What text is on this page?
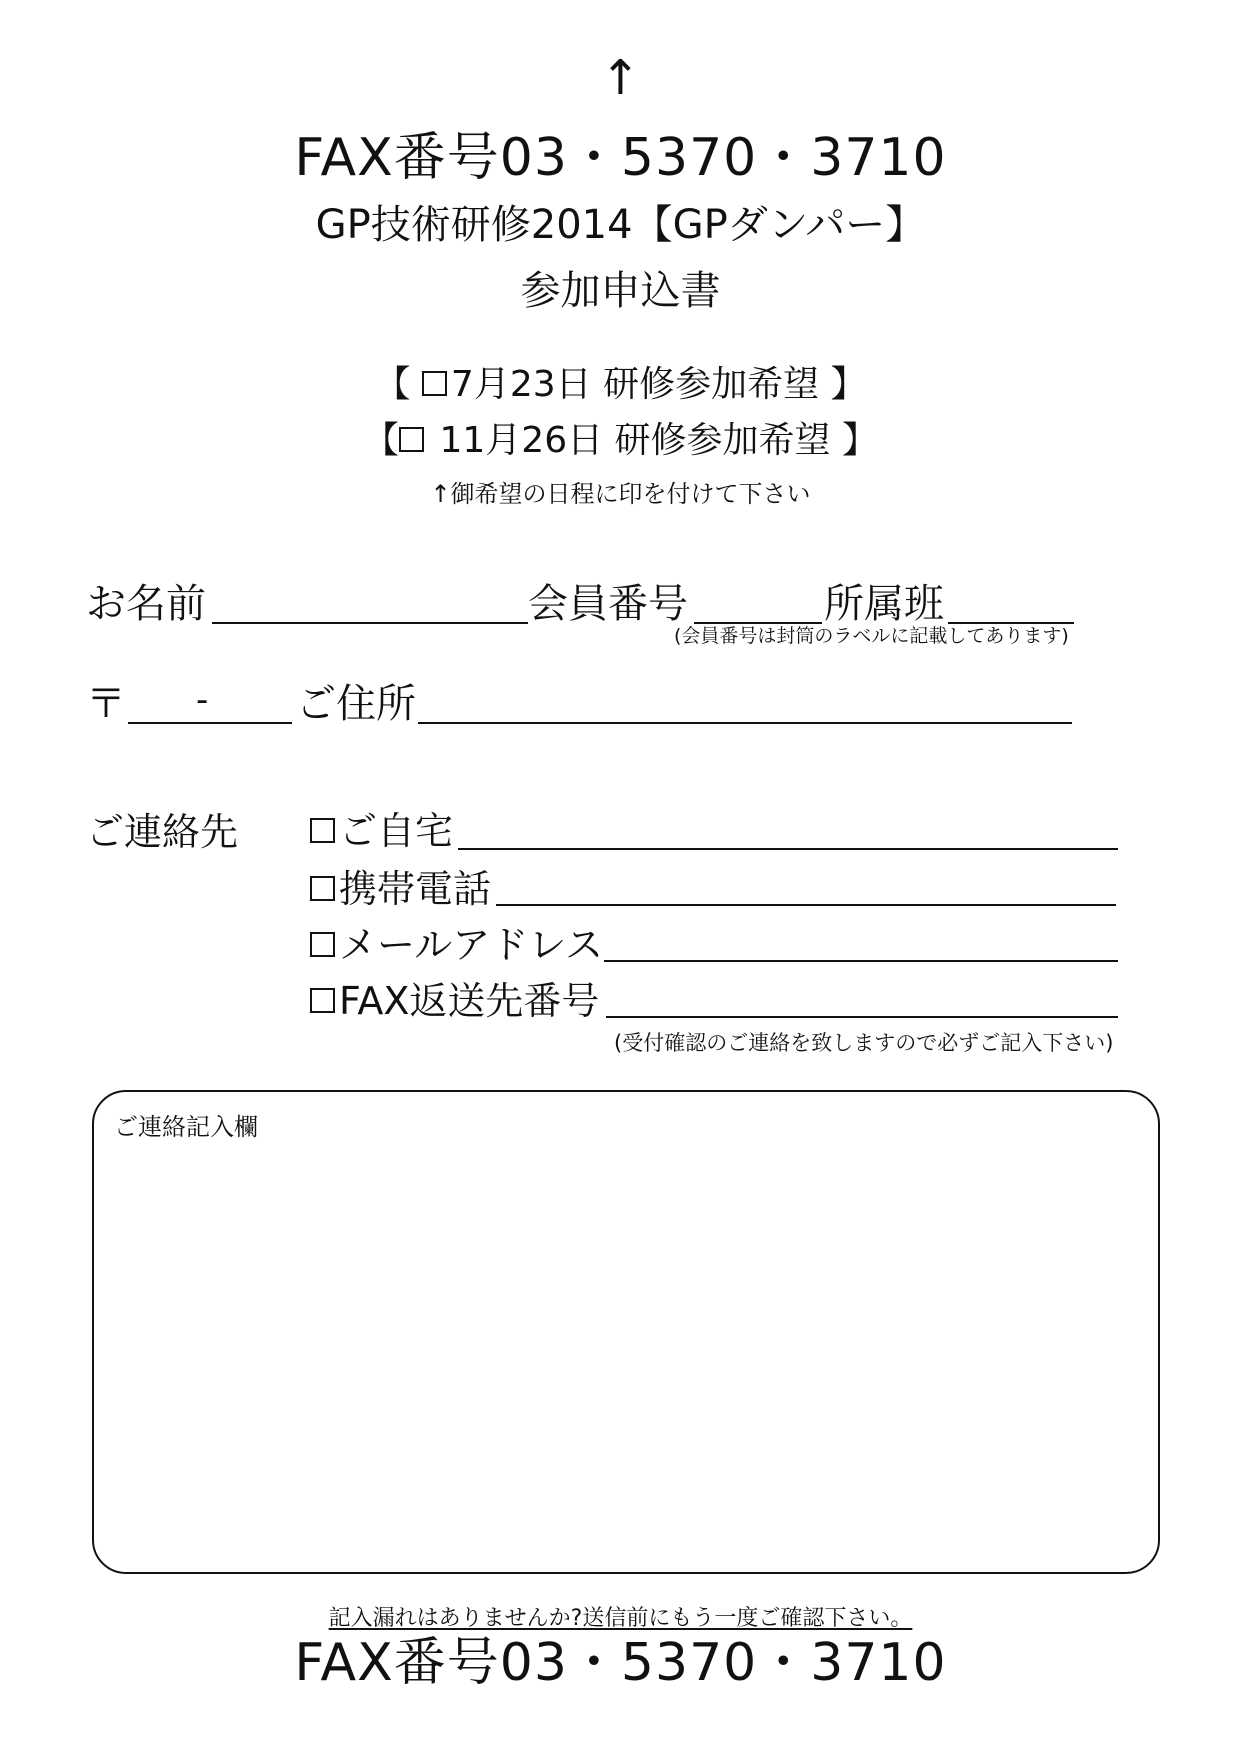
↑
FAX番号03・5370・3710
GP技術研修2014【GPダンパー】
参加申込書
【 7月23日 研修参加希望 】
【 11月26日 研修参加希望 】
↑御希望の日程に印を付けて下さい
お名前	会員番号	所属班
(会員番号は封筒のラベルに記載してあります)
〒 - ご住所
ご連絡先	ご自宅
携帯電話
メールアドレス
FAX返送先番号
(受付確認のご連絡を致しますので必ずご記入下さい)
ご連絡記入欄
記入漏れはありませんか?送信前にもう一度ご確認下さい。
FAX番号03・5370・3710
